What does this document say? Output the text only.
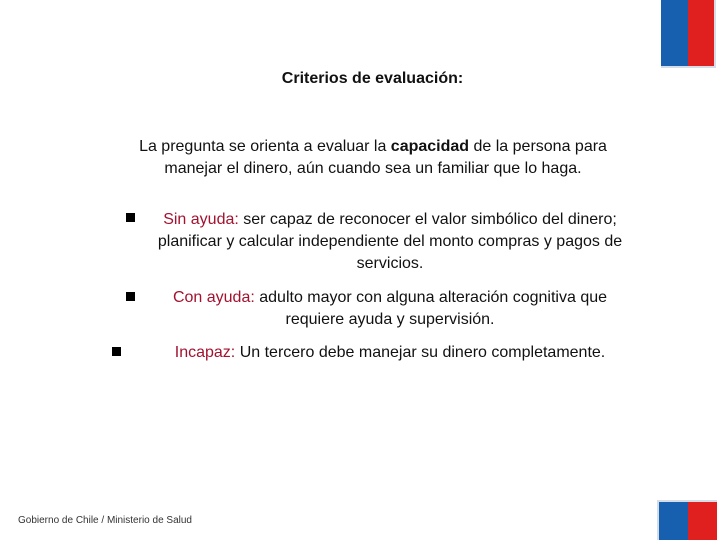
Criterios de evaluación:
La pregunta se orienta a evaluar la capacidad de la persona para manejar el dinero, aún cuando sea un familiar que lo haga.
Sin ayuda: ser capaz de reconocer el valor simbólico del dinero; planificar y calcular independiente del monto compras y pagos de servicios.
Con ayuda: adulto mayor con alguna alteración cognitiva que requiere ayuda y supervisión.
Incapaz: Un tercero debe manejar su dinero completamente.
Gobierno de Chile / Ministerio de Salud
